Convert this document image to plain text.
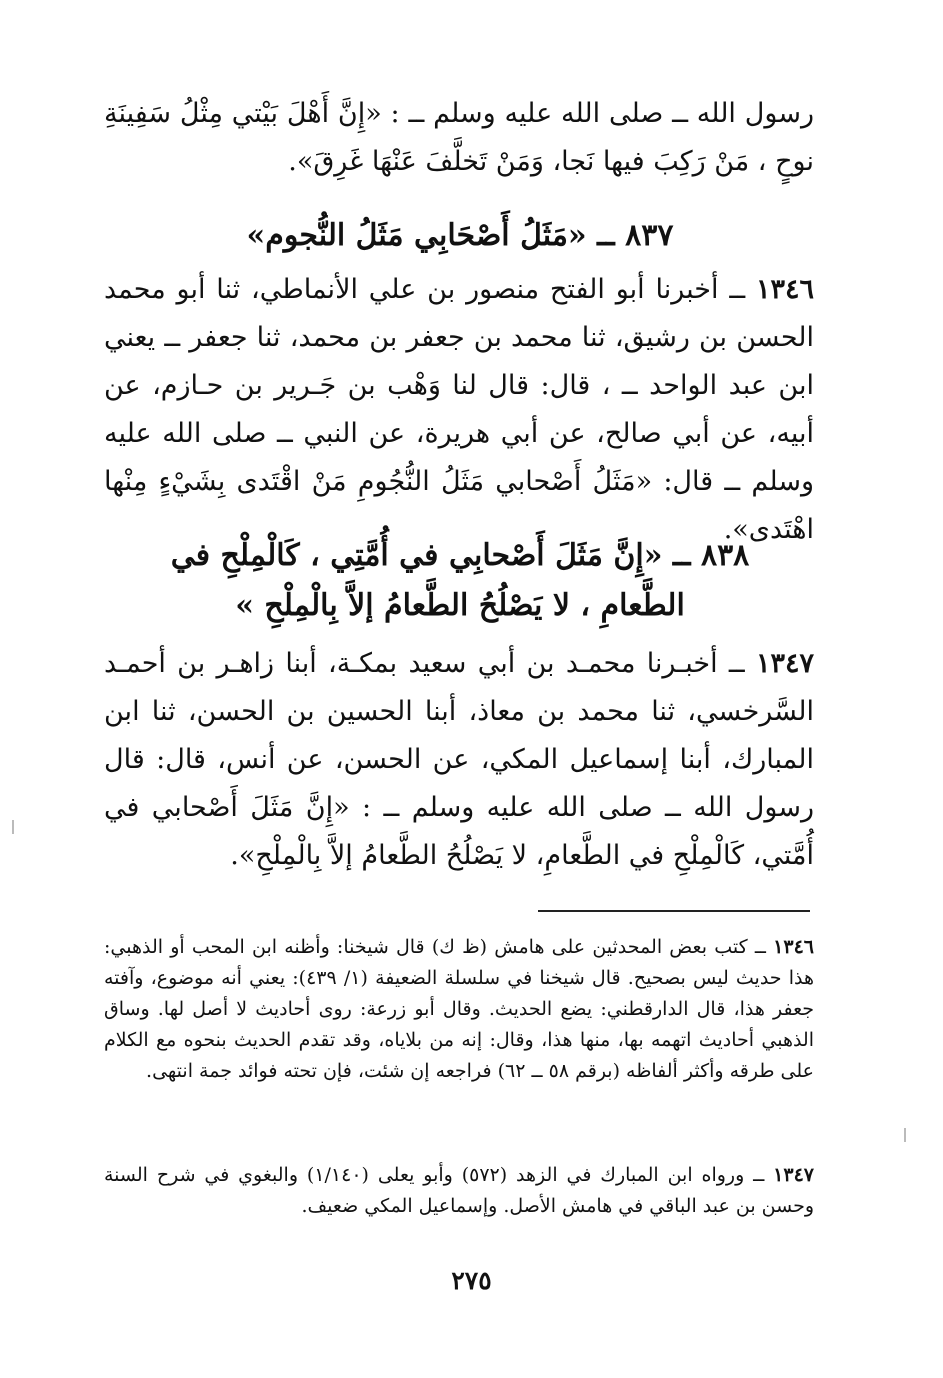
رسول الله ــ صلى الله عليه وسلم ــ : «إِنَّ أَهْلَ بَيْتي مِثْلُ سَفِينَةِ نوحٍ ، مَنْ رَكِبَ فيها نَجا، وَمَنْ تَخلَّفَ عَنْهَا غَرِقَ».

٨٣٧ ــ «مَثَلُ أَصْحَابِي مَثَلُ النُّجوم»

١٣٤٦ ــ أخبرنا أبو الفتح منصور بن علي الأنماطي، ثنا أبو محمد الحسن بن رشيق، ثنا محمد بن جعفر بن محمد، ثنا جعفر ــ يعني ابن عبد الواحد ــ ، قال: قال لنا وَهْب بن جَـرير بن حـازم، عن أبيه، عن أبي صالح، عن أبي هريرة، عن النبي ــ صلى الله عليه وسلم ــ قال: «مَثَلُ أَصْحابي مَثَلُ النُّجُومِ مَنْ اقْتَدى بِشَيْءٍ مِنْها اهْتَدى».

٨٣٨ ــ «إِنَّ مَثَلَ أَصْحابِي في أُمَّتِي ، كَالْمِلْحِ في
الطَّعامِ ، لا يَصْلُحُ الطَّعامُ إلاَّ بِالْمِلْحِ »

١٣٤٧ ــ أخبـرنا محمـد بن أبي سعيد بمكـة، أبنا زاهـر بن أحمـد السَّرخسي، ثنا محمد بن معاذ، أبنا الحسين بن الحسن، ثنا ابن المبارك، أبنا إسماعيل المكي، عن الحسن، عن أنس، قال: قال رسول الله ــ صلى الله عليه وسلم ــ : «إِنَّ مَثَلَ أَصْحابي في أُمَّتي، كَالْمِلْحِ في الطَّعامِ، لا يَصْلُحُ الطَّعامُ إلاَّ بِالْمِلْحِ».

١٣٤٦ ــ كتب بعض المحدثين على هامش (ظ ك) قال شيخنا: وأظنه ابن المحب أو الذهبي: هذا حديث ليس بصحيح. قال شيخنا في سلسلة الضعيفة (١/ ٤٣٩): يعني أنه موضوع، وآفته جعفر هذا، قال الدارقطني: يضع الحديث. وقال أبو زرعة: روى أحاديث لا أصل لها. وساق الذهبي أحاديث اتهمه بها، منها هذا، وقال: إنه من بلاياه، وقد تقدم الحديث بنحوه مع الكلام على طرقه وأكثر ألفاظه (برقم ٥٨ ــ ٦٢) فراجعه إن شئت، فإن تحته فوائد جمة انتهى.

١٣٤٧ ــ ورواه ابن المبارك في الزهد (٥٧٢) وأبو يعلى (١/١٤٠) والبغوي في شرح السنة وحسن بن عبد الباقي في هامش الأصل. وإسماعيل المكي ضعيف.

٢٧٥
